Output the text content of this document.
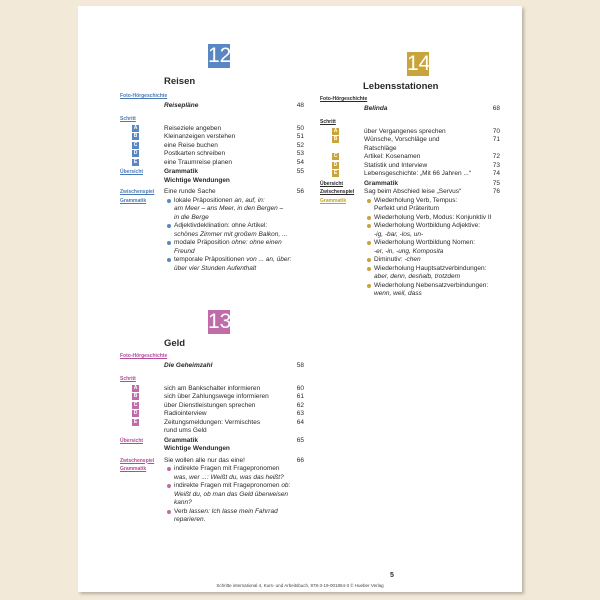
12
Reisen
Foto-Hörgeschichte
Reisepläne	48
Schritt
A	Reiseziele angeben	50
B	Kleinanzeigen verstehen	51
C	eine Reise buchen	52
D	Postkarten schreiben	53
E	eine Traumreise planen	54
Übersicht	Grammatik	55
Wichtige Wendungen
Zwischenspiel Eine runde Sache	56
Grammatik	lokale Präpositionen an, auf, in:
am Meer – ans Meer, in den Bergen –
in die Berge
Adjektivdeklination: ohne Artikel:
schönes Zimmer mit großem Balkon, ...
modale Präposition ohne: ohne einen
Freund
temporale Präpositionen von ... an, über:
über vier Stunden Aufenthalt
13
Geld
Foto-Hörgeschichte
Die Geheimzahl	58
Schritt
A	sich am Bankschalter informieren	60
B	sich über Zahlungswege informieren	61
C	über Dienstleistungen sprechen	62
D	Radiointerview	63
E	Zeitungsmeldungen: Vermischtes	64
rund ums Geld
Übersicht	Grammatik	65
Wichtige Wendungen
Zwischenspiel Sie wollen alle nur das eine!	66
Grammatik	indirekte Fragen mit Fragepronomen
was, wer ...: Weißt du, was das heißt?
indirekte Fragen mit Fragepronomen ob:
Weißt du, ob man das Geld überweisen
kann?
Verb lassen: Ich lasse mein Fahrrad
reparieren.
14
Lebensstationen
Foto-Hörgeschichte
Belinda	68
Schritt
A	über Vergangenes sprechen	70
B	Wünsche, Vorschläge und	71
Ratschläge
C	Artikel: Kosenamen	72
D	Statistik und Interview	73
E	Lebensgeschichte: „Mit 66 Jahren ...“	74
Übersicht	Grammatik	75
Zwischenspiel Sag beim Abschied leise „Servus“	76
Grammatik	Wiederholung Verb, Tempus:
Perfekt und Präteritum
Wiederholung Verb, Modus: Konjunktiv II
Wiederholung Wortbildung Adjektive:
-ig, -bar, -los, un-
Wiederholung Wortbildung Nomen:
-er, -in, -ung, Komposita
Diminutiv: -chen
Wiederholung Hauptsatzverbindungen:
aber, denn, deshalb, trotzdem
Wiederholung Nebensatzverbindungen:
wenn, weil, dass
5
Schritte international 4, Kurs- und Arbeitsbuch, 978-3-19-001854-3 © Hueber Verlag
